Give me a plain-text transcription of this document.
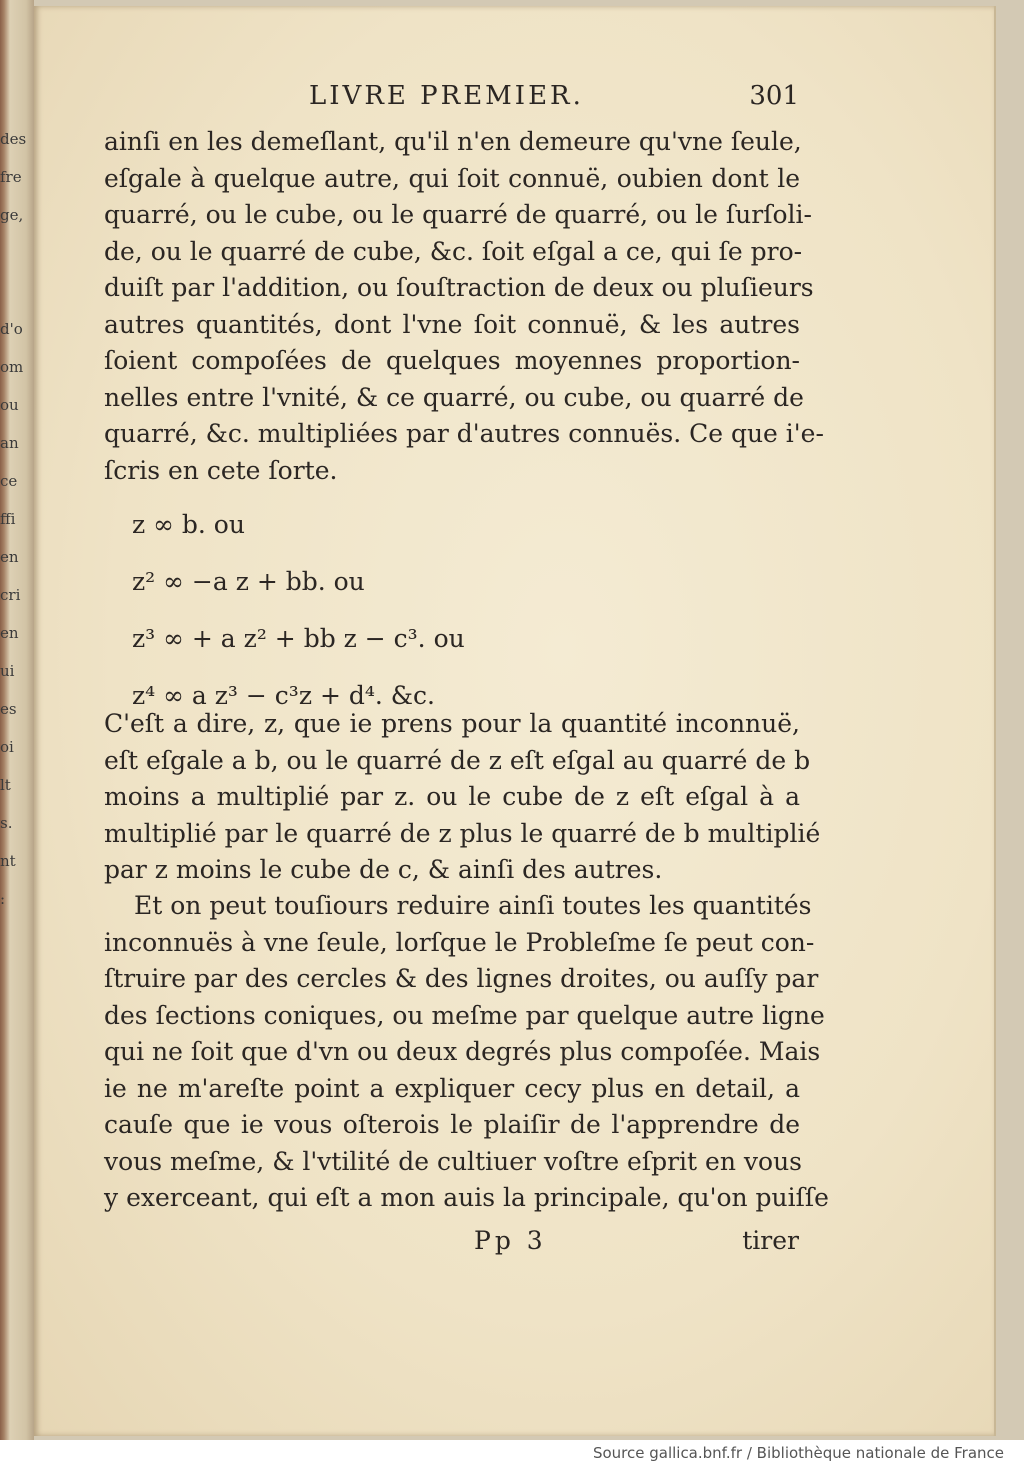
des
fre
ge,

d'o
om
ou
an
ce
ffi
en
cri
en
ui
es
oi
lt
s.
nt
:
LIVRE PREMIER.	301
ainſi en les demeſlant, qu'il n'en demeure qu'vne ſeule,
eſgale à quelque autre, qui ſoit connuë, oubien dont le
quarré, ou le cube, ou le quarré de quarré, ou le ſurſoli-
de, ou le quarré de cube, &c. ſoit eſgal a ce, qui ſe pro-
duiſt par l'addition, ou ſouſtraction de deux ou pluſieurs
autres quantités, dont l'vne ſoit connuë, & les autres
ſoient compoſées de quelques moyennes proportion-
nelles entre l'vnité, & ce quarré, ou cube, ou quarré de
quarré, &c. multipliées par d'autres connuës. Ce que i'e-
ſcris en cete ſorte.
z ∞ b. ou
z² ∞ −a z + bb. ou
z³ ∞ + a z² + bb z − c³. ou
z⁴ ∞ a z³ − c³z + d⁴. &c.
C'eſt a dire, z, que ie prens pour la quantité inconnuë,
eſt eſgale a b, ou le quarré de z eſt eſgal au quarré de b
moins a multiplié par z. ou le cube de z eſt eſgal à a
multiplié par le quarré de z plus le quarré de b multiplié
par z moins le cube de c, & ainſi des autres.
Et on peut touſiours reduire ainſi toutes les quantités
inconnuës à vne ſeule, lorſque le Probleſme ſe peut con-
ſtruire par des cercles & des lignes droites, ou auſſy par
des ſections coniques, ou meſme par quelque autre ligne
qui ne ſoit que d'vn ou deux degrés plus compoſée. Mais
ie ne m'areſte point a expliquer cecy plus en detail, a
cauſe que ie vous oſterois le plaiſir de l'apprendre de
vous meſme, & l'vtilité de cultiuer voſtre eſprit en vous
y exerceant, qui eſt a mon auis la principale, qu'on puiſſe
Pp 3	tirer
Source gallica.bnf.fr / Bibliothèque nationale de France
